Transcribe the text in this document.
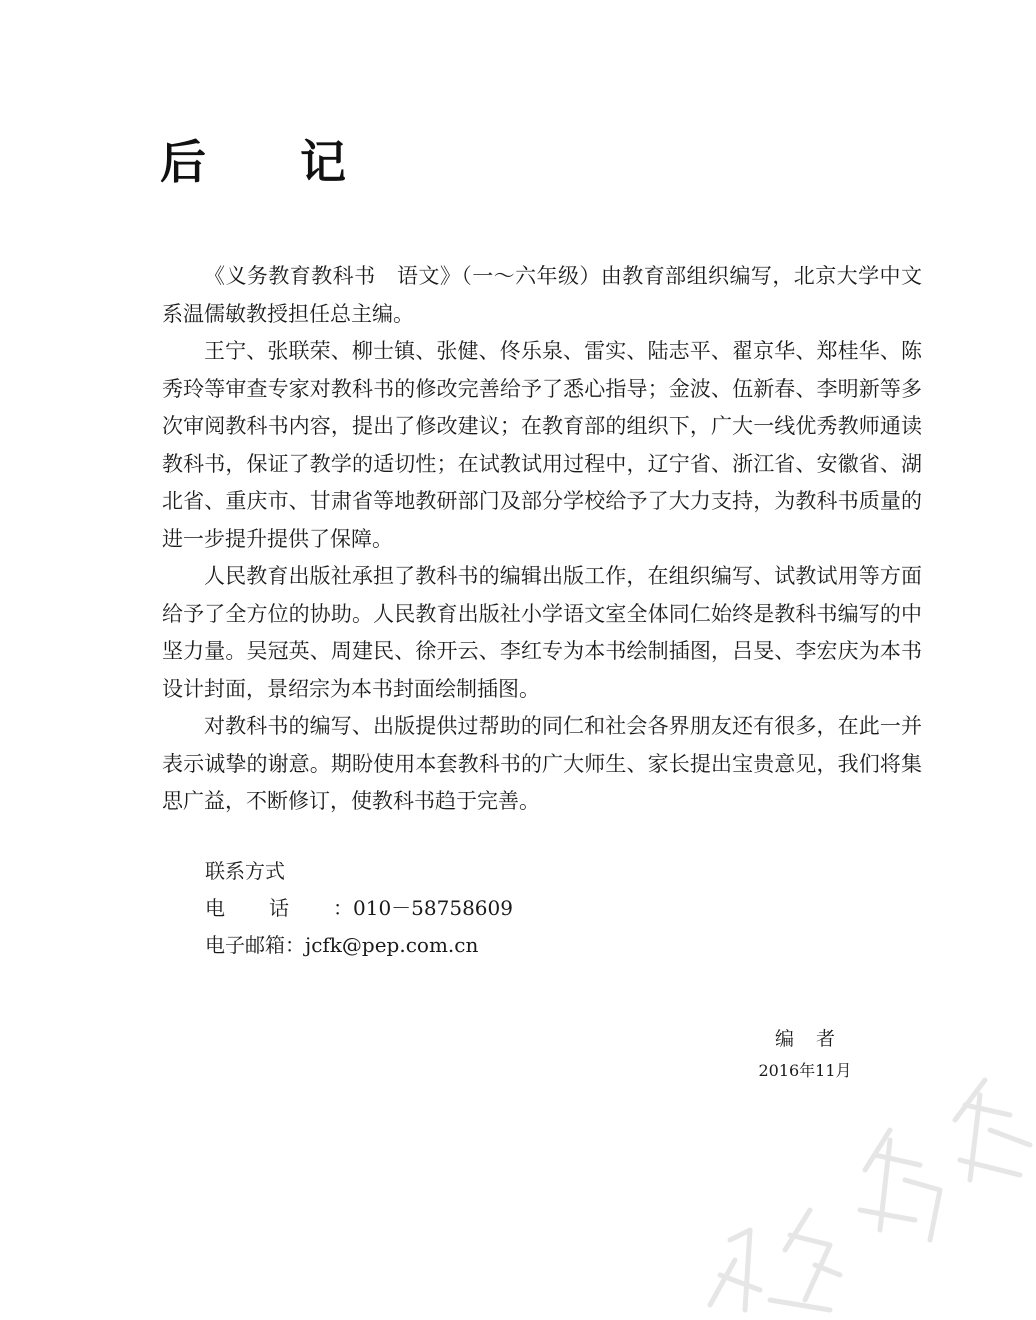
后　记

《义务教育教科书　语文》（一～六年级）由教育部组织编写，北京大学中文系温儒敏教授担任总主编。

王宁、张联荣、柳士镇、张健、佟乐泉、雷实、陆志平、翟京华、郑桂华、陈秀玲等审查专家对教科书的修改完善给予了悉心指导；金波、伍新春、李明新等多次审阅教科书内容，提出了修改建议；在教育部的组织下，广大一线优秀教师通读教科书，保证了教学的适切性；在试教试用过程中，辽宁省、浙江省、安徽省、湖北省、重庆市、甘肃省等地教研部门及部分学校给予了大力支持，为教科书质量的进一步提升提供了保障。

人民教育出版社承担了教科书的编辑出版工作，在组织编写、试教试用等方面给予了全方位的协助。人民教育出版社小学语文室全体同仁始终是教科书编写的中坚力量。吴冠英、周建民、徐开云、李红专为本书绘制插图，吕旻、李宏庆为本书设计封面，景绍宗为本书封面绘制插图。

对教科书的编写、出版提供过帮助的同仁和社会各界朋友还有很多，在此一并表示诚挚的谢意。期盼使用本套教科书的广大师生、家长提出宝贵意见，我们将集思广益，不断修订，使教科书趋于完善。

联系方式
电话：010－58758609
电子邮箱：jcfk@pep.com.cn
编者
2016年11月
